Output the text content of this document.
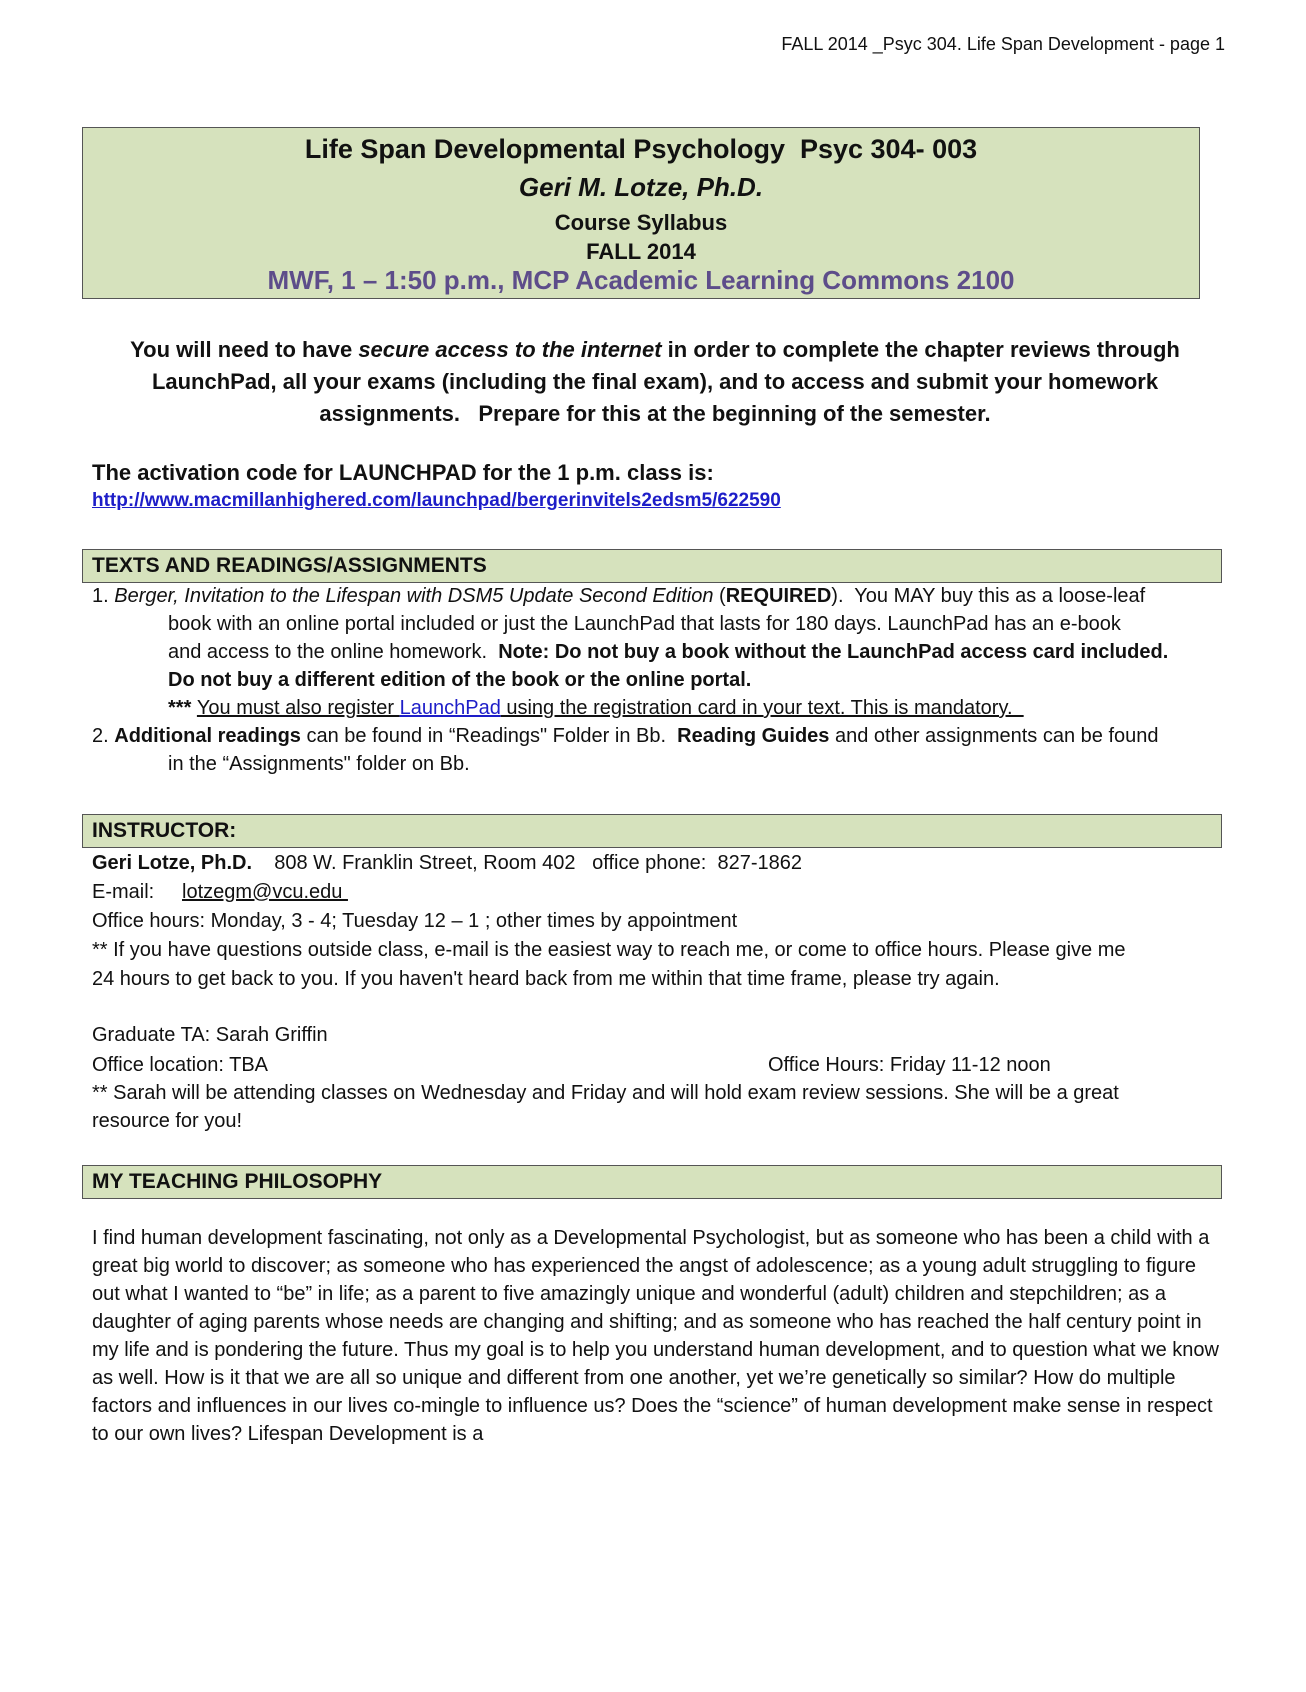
FALL 2014 _Psyc 304. Life Span Development - page 1
Life Span Developmental Psychology  Psyc 304- 003
Geri M. Lotze, Ph.D.
Course Syllabus
FALL 2014
MWF, 1 – 1:50 p.m., MCP Academic Learning Commons 2100
You will need to have secure access to the internet in order to complete the chapter reviews through LaunchPad, all your exams (including the final exam), and to access and submit your homework assignments.   Prepare for this at the beginning of the semester.
The activation code for LAUNCHPAD for the 1 p.m. class is:
http://www.macmillanhighered.com/launchpad/bergerinvitels2edsm5/622590
TEXTS AND READINGS/ASSIGNMENTS
1. Berger, Invitation to the Lifespan with DSM5 Update Second Edition (REQUIRED).  You MAY buy this as a loose-leaf
book with an online portal included or just the LaunchPad that lasts for 180 days. LaunchPad has an e-book
and access to the online homework.  Note: Do not buy a book without the LaunchPad access card included.
Do not buy a different edition of the book or the online portal.
*** You must also register LaunchPad using the registration card in your text. This is mandatory.
2. Additional readings can be found in “Readings" Folder in Bb.  Reading Guides and other assignments can be found
in the “Assignments" folder on Bb.
INSTRUCTOR:
Geri Lotze, Ph.D.    808 W. Franklin Street, Room 402   office phone:  827-1862
E-mail:     lotzegm@vcu.edu
Office hours: Monday, 3 - 4; Tuesday 12 – 1 ; other times by appointment
** If you have questions outside class, e-mail is the easiest way to reach me, or come to office hours. Please give me
24 hours to get back to you. If you haven't heard back from me within that time frame, please try again.
Graduate TA: Sarah Griffin
Office location: TBA	Office Hours: Friday 11-12 noon
** Sarah will be attending classes on Wednesday and Friday and will hold exam review sessions. She will be a great
resource for you!
MY TEACHING PHILOSOPHY
I find human development fascinating, not only as a Developmental Psychologist, but as someone who has been a child with a great big world to discover; as someone who has experienced the angst of adolescence; as a young adult struggling to figure out what I wanted to “be” in life; as a parent to five amazingly unique and wonderful (adult) children and stepchildren; as a daughter of aging parents whose needs are changing and shifting; and as someone who has reached the half century point in my life and is pondering the future. Thus my goal is to help you understand human development, and to question what we know as well. How is it that we are all so unique and different from one another, yet we’re genetically so similar? How do multiple factors and influences in our lives co-mingle to influence us? Does the “science” of human development make sense in respect to our own lives? Lifespan Development is a
